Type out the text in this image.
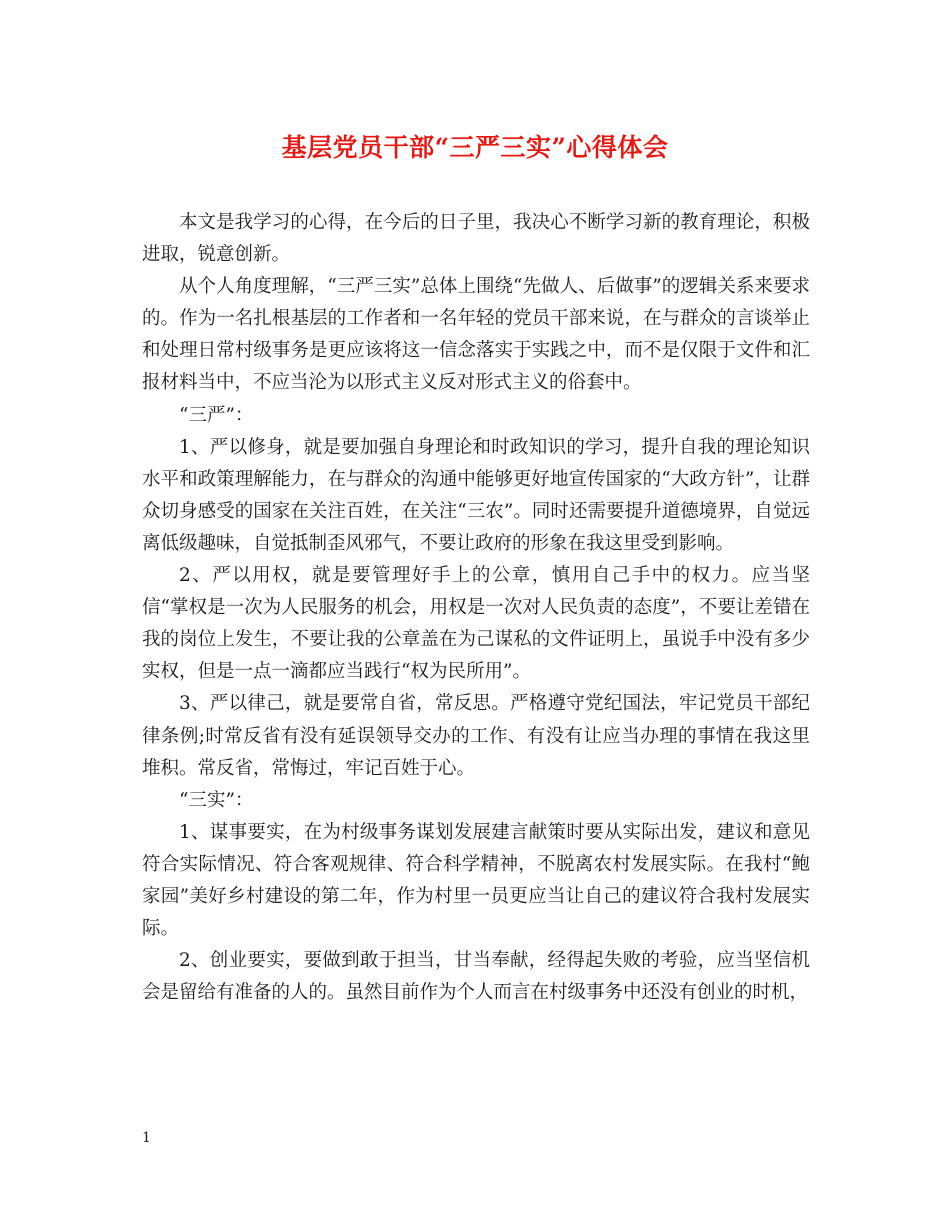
基层党员干部“三严三实”心得体会

本文是我学习的心得，在今后的日子里，我决心不断学习新的教育理论，积极进取，锐意创新。

从个人角度理解，“三严三实”总体上围绕“先做人、后做事”的逻辑关系来要求的。作为一名扎根基层的工作者和一名年轻的党员干部来说，在与群众的言谈举止和处理日常村级事务是更应该将这一信念落实于实践之中，而不是仅限于文件和汇报材料当中，不应当沦为以形式主义反对形式主义的俗套中。

“三严”：

1、严以修身，就是要加强自身理论和时政知识的学习，提升自我的理论知识水平和政策理解能力，在与群众的沟通中能够更好地宣传国家的“大政方针”，让群众切身感受的国家在关注百姓，在关注“三农”。同时还需要提升道德境界，自觉远离低级趣味，自觉抵制歪风邪气，不要让政府的形象在我这里受到影响。

2、严以用权，就是要管理好手上的公章，慎用自己手中的权力。应当坚信“掌权是一次为人民服务的机会，用权是一次对人民负责的态度”，不要让差错在我的岗位上发生，不要让我的公章盖在为己谋私的文件证明上，虽说手中没有多少实权，但是一点一滴都应当践行“权为民所用”。

3、严以律己，就是要常自省，常反思。严格遵守党纪国法，牢记党员干部纪律条例;时常反省有没有延误领导交办的工作、有没有让应当办理的事情在我这里堆积。常反省，常悔过，牢记百姓于心。

“三实”：

1、谋事要实，在为村级事务谋划发展建言献策时要从实际出发，建议和意见符合实际情况、符合客观规律、符合科学精神，不脱离农村发展实际。在我村“鲍家园”美好乡村建设的第二年，作为村里一员更应当让自己的建议符合我村发展实际。

2、创业要实，要做到敢于担当，甘当奉献，经得起失败的考验，应当坚信机会是留给有准备的人的。虽然目前作为个人而言在村级事务中还没有创业的时机，

1
